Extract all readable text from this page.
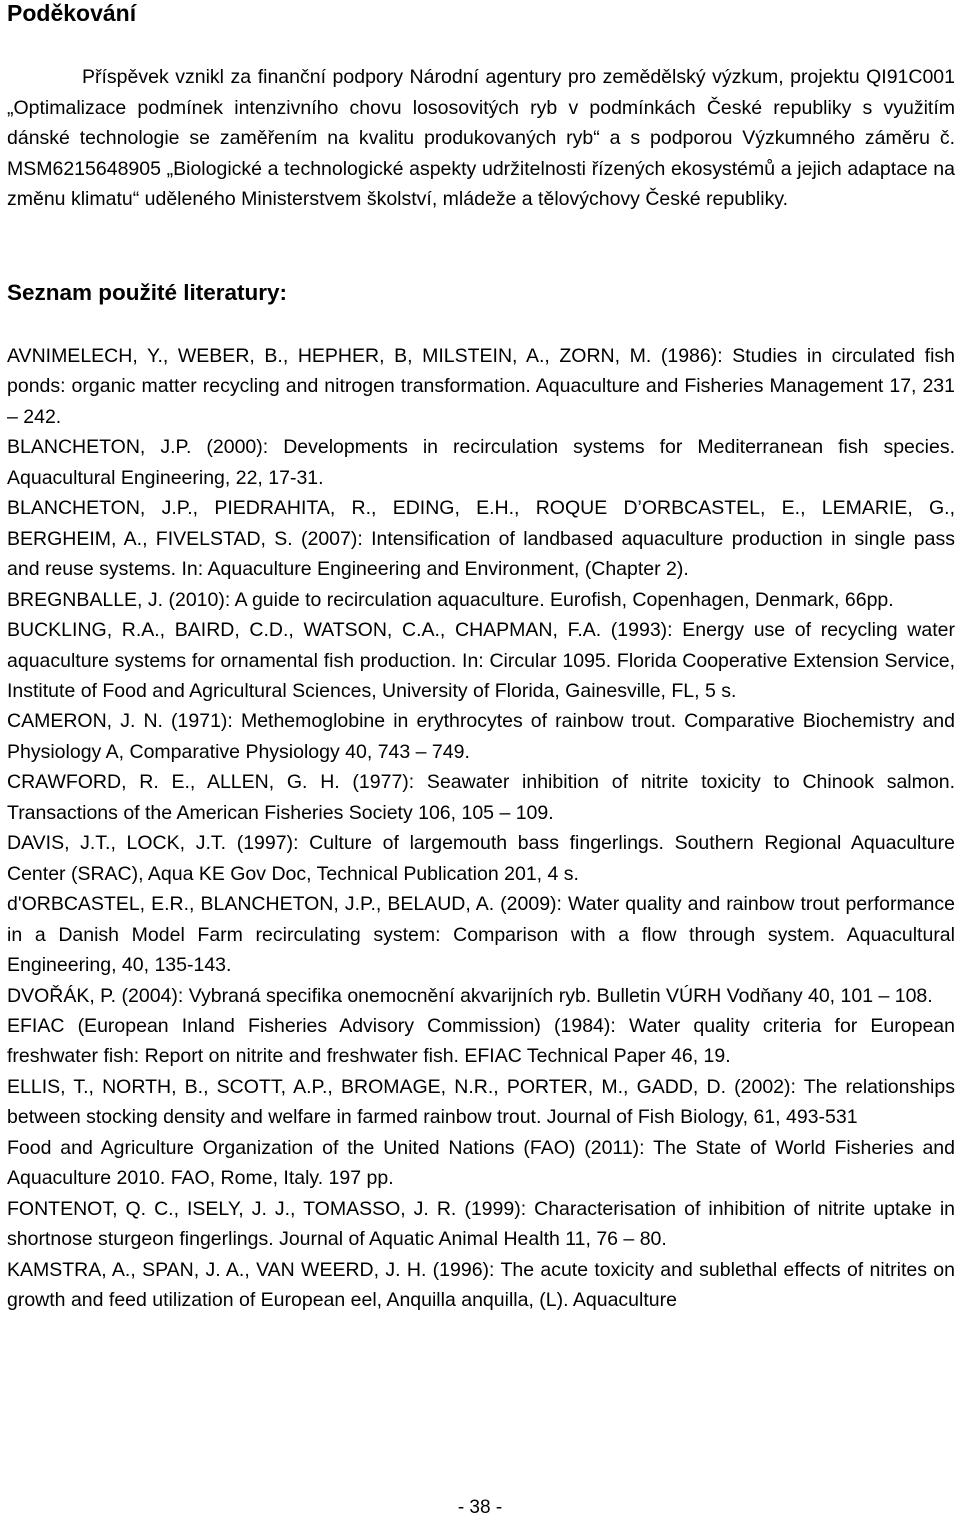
Poděkování

Příspěvek vznikl za finanční podpory Národní agentury pro zemědělský výzkum, projektu QI91C001 „Optimalizace podmínek intenzivního chovu lososovitých ryb v podmínkách České republiky s využitím dánské technologie se zaměřením na kvalitu produkovaných ryb“ a s podporou Výzkumného záměru č. MSM6215648905 „Biologické a technologické aspekty udržitelnosti řízených ekosystémů a jejich adaptace na změnu klimatu“ uděleného Ministerstvem školství, mládeže a tělovýchovy České republiky.

Seznam použité literatury:

AVNIMELECH, Y., WEBER, B., HEPHER, B, MILSTEIN, A., ZORN, M. (1986): Studies in circulated fish ponds: organic matter recycling and nitrogen transformation. Aquaculture and Fisheries Management 17, 231 – 242.

BLANCHETON, J.P. (2000): Developments in recirculation systems for Mediterranean fish species. Aquacultural Engineering, 22, 17-31.

BLANCHETON, J.P., PIEDRAHITA, R., EDING, E.H., ROQUE D’ORBCASTEL, E., LEMARIE, G., BERGHEIM, A., FIVELSTAD, S. (2007): Intensification of landbased aquaculture production in single pass and reuse systems. In: Aquaculture Engineering and Environment, (Chapter 2).

BREGNBALLE, J. (2010): A guide to recirculation aquaculture. Eurofish, Copenhagen, Denmark, 66pp.

BUCKLING, R.A., BAIRD, C.D., WATSON, C.A., CHAPMAN, F.A. (1993): Energy use of recycling water aquaculture systems for ornamental fish production. In: Circular 1095. Florida Cooperative Extension Service, Institute of Food and Agricultural Sciences, University of Florida, Gainesville, FL, 5 s.

CAMERON, J. N. (1971): Methemoglobine in erythrocytes of rainbow trout. Comparative Biochemistry and Physiology A, Comparative Physiology 40, 743 – 749.

CRAWFORD, R. E., ALLEN, G. H. (1977): Seawater inhibition of nitrite toxicity to Chinook salmon. Transactions of the American Fisheries Society 106, 105 – 109.

DAVIS, J.T., LOCK, J.T. (1997): Culture of largemouth bass fingerlings. Southern Regional Aquaculture Center (SRAC), Aqua KE Gov Doc, Technical Publication 201, 4 s.

d'ORBCASTEL, E.R., BLANCHETON, J.P., BELAUD, A. (2009): Water quality and rainbow trout performance in a Danish Model Farm recirculating system: Comparison with a flow through system. Aquacultural Engineering, 40, 135-143.

DVOŘÁK, P. (2004): Vybraná specifika onemocnění akvarijních ryb. Bulletin VÚRH Vodňany 40, 101 – 108.

EFIAC (European Inland Fisheries Advisory Commission) (1984): Water quality criteria for European freshwater fish: Report on nitrite and freshwater fish. EFIAC Technical Paper 46, 19.

ELLIS, T., NORTH, B., SCOTT, A.P., BROMAGE, N.R., PORTER, M., GADD, D. (2002): The relationships between stocking density and welfare in farmed rainbow trout. Journal of Fish Biology, 61, 493-531

Food and Agriculture Organization of the United Nations (FAO) (2011): The State of World Fisheries and Aquaculture 2010. FAO, Rome, Italy. 197 pp.

FONTENOT, Q. C., ISELY, J. J., TOMASSO, J. R. (1999): Characterisation of inhibition of nitrite uptake in shortnose sturgeon fingerlings. Journal of Aquatic Animal Health 11, 76 – 80.

KAMSTRA, A., SPAN, J. A., VAN WEERD, J. H. (1996): The acute toxicity and sublethal effects of nitrites on growth and feed utilization of European eel, Anquilla anquilla, (L). Aquaculture

- 38 -
